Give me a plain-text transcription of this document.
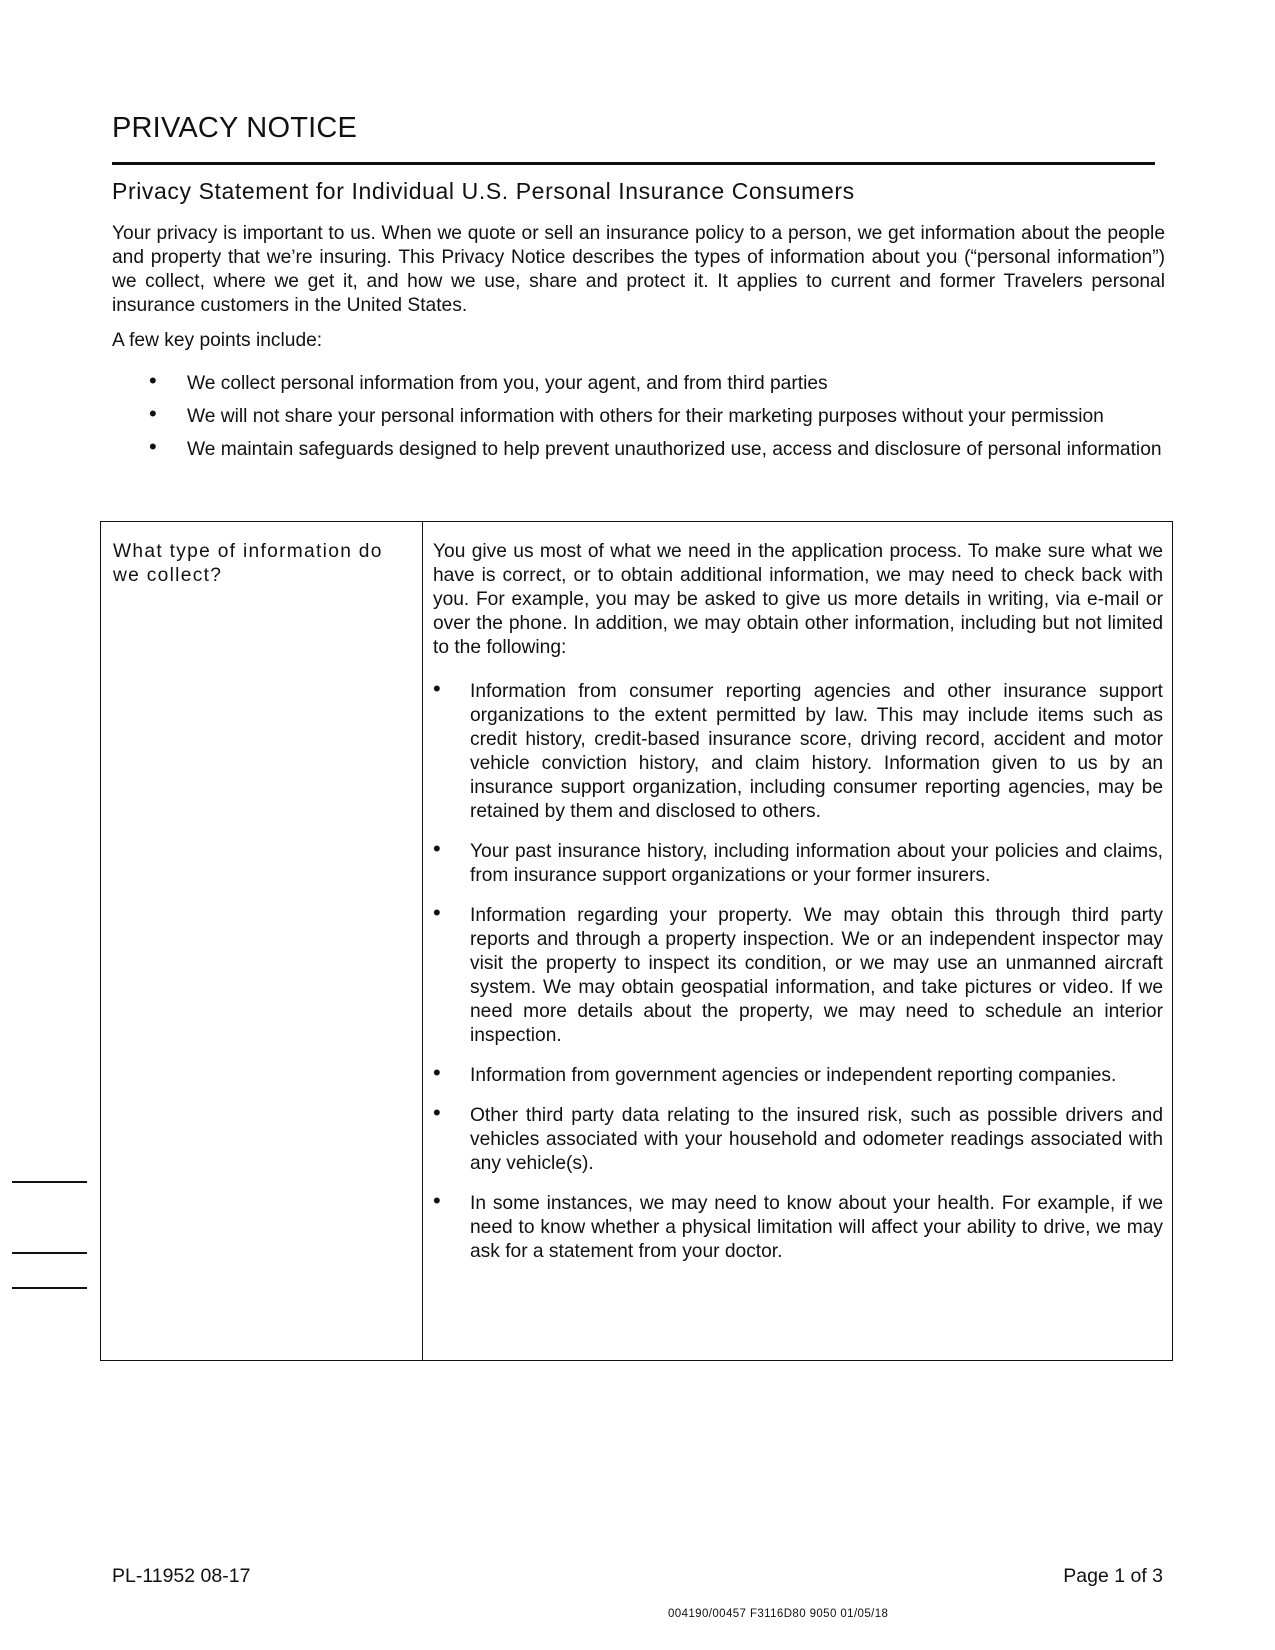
PRIVACY NOTICE
Privacy Statement for Individual U.S. Personal Insurance Consumers

Your privacy is important to us. When we quote or sell an insurance policy to a person, we get information about the people and property that we’re insuring. This Privacy Notice describes the types of information about you (“personal information”) we collect, where we get it, and how we use, share and protect it. It applies to current and former Travelers personal insurance customers in the United States.

A few key points include:
• We collect personal information from you, your agent, and from third parties
• We will not share your personal information with others for their marketing purposes without your permission
• We maintain safeguards designed to help prevent unauthorized use, access and disclosure of personal information
What type of information do we collect?

You give us most of what we need in the application process. To make sure what we have is correct, or to obtain additional information, we may need to check back with you. For example, you may be asked to give us more details in writing, via e-mail or over the phone. In addition, we may obtain other information, including but not limited to the following:

• Information from consumer reporting agencies and other insurance support organizations to the extent permitted by law. This may include items such as credit history, credit-based insurance score, driving record, accident and motor vehicle conviction history, and claim history. Information given to us by an insurance support organization, including consumer reporting agencies, may be retained by them and disclosed to others.
• Your past insurance history, including information about your policies and claims, from insurance support organizations or your former insurers.
• Information regarding your property. We may obtain this through third party reports and through a property inspection. We or an independent inspector may visit the property to inspect its condition, or we may use an unmanned aircraft system. We may obtain geospatial information, and take pictures or video. If we need more details about the property, we may need to schedule an interior inspection.
• Information from government agencies or independent reporting companies.
• Other third party data relating to the insured risk, such as possible drivers and vehicles associated with your household and odometer readings associated with any vehicle(s).
• In some instances, we may need to know about your health. For example, if we need to know whether a physical limitation will affect your ability to drive, we may ask for a statement from your doctor.
PL-11952 08-17	Page 1 of 3
004190/00457 F3116D80 9050 01/05/18
